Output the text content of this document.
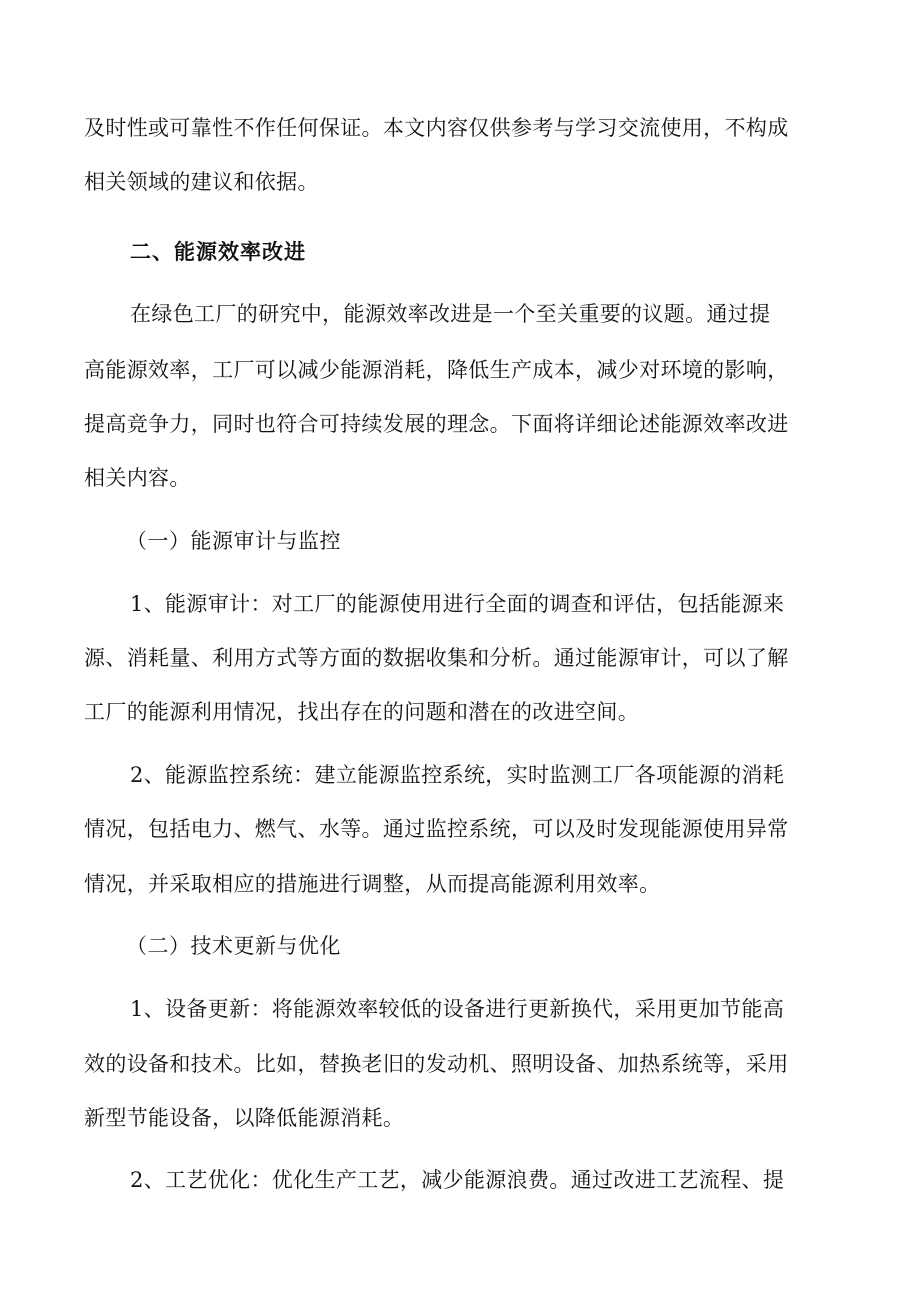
及时性或可靠性不作任何保证。本文内容仅供参考与学习交流使用，不构成
相关领域的建议和依据。
二、能源效率改进
在绿色工厂的研究中，能源效率改进是一个至关重要的议题。通过提
高能源效率，工厂可以减少能源消耗，降低生产成本，减少对环境的影响，
提高竞争力，同时也符合可持续发展的理念。下面将详细论述能源效率改进
相关内容。
（一）能源审计与监控
1、能源审计：对工厂的能源使用进行全面的调查和评估，包括能源来
源、消耗量、利用方式等方面的数据收集和分析。通过能源审计，可以了解
工厂的能源利用情况，找出存在的问题和潜在的改进空间。
2、能源监控系统：建立能源监控系统，实时监测工厂各项能源的消耗
情况，包括电力、燃气、水等。通过监控系统，可以及时发现能源使用异常
情况，并采取相应的措施进行调整，从而提高能源利用效率。
（二）技术更新与优化
1、设备更新：将能源效率较低的设备进行更新换代，采用更加节能高
效的设备和技术。比如，替换老旧的发动机、照明设备、加热系统等，采用
新型节能设备，以降低能源消耗。
2、工艺优化：优化生产工艺，减少能源浪费。通过改进工艺流程、提
